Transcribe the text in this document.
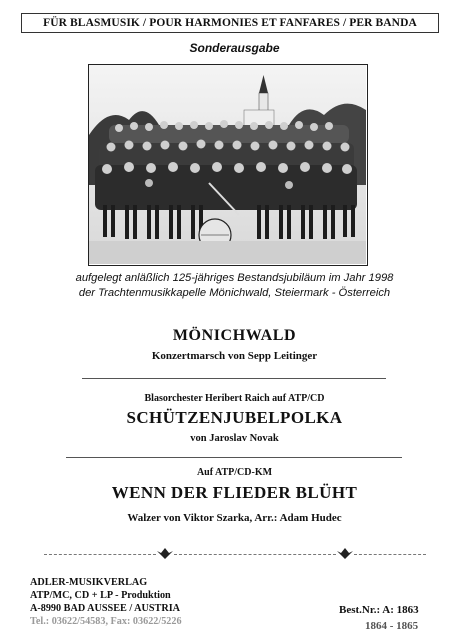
FÜR BLASMUSIK / POUR HARMONIES ET FANFARES / PER BANDA
Sonderausgabe
aufgelegt anläßlich 125-jähriges Bestandsjubiläum im Jahr 1998
der Trachtenmusikkapelle Mönichwald, Steiermark - Österreich
MÖNICHWALD
Konzertmarsch von Sepp Leitinger
Blasorchester Heribert Raich auf ATP/CD
SCHÜTZENJUBELPOLKA
von Jaroslav Novak
Auf ATP/CD-KM
WENN DER FLIEDER BLÜHT
Walzer von Viktor Szarka, Arr.: Adam Hudec
ADLER-MUSIKVERLAG
ATP/MC, CD + LP - Produktion
A-8990 BAD AUSSEE / AUSTRIA
Tel.: 03622/54583, Fax: 03622/5226
Best.Nr.: A: 1863
1864 - 1865
